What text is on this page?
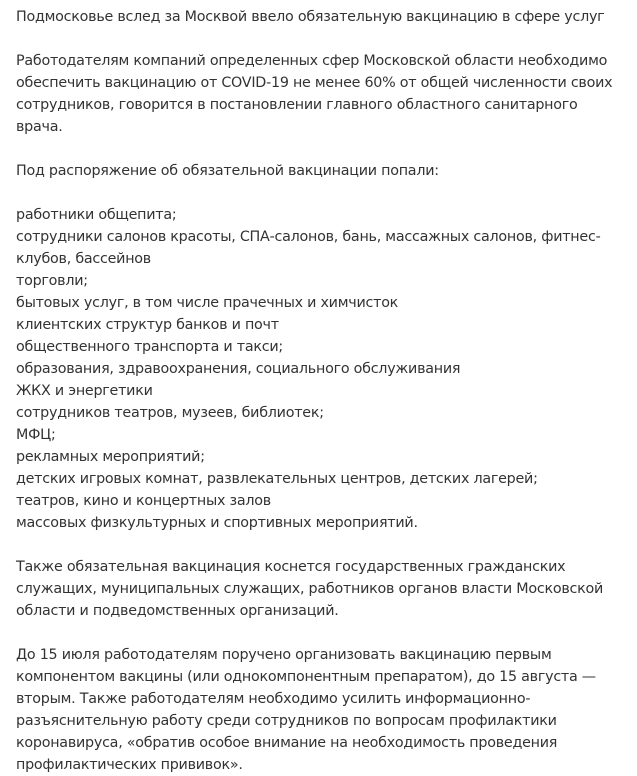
Подмосковье вслед за Москвой ввело обязательную вакцинацию в сфере услуг

Работодателям компаний определенных сфер Московской области необходимо обеспечить вакцинацию от COVID-19 не менее 60% от общей численности своих сотрудников, говорится в постановлении главного областного санитарного врача.

Под распоряжение об обязательной вакцинации попали:

работники общепита;
сотрудники салонов красоты, СПА-салонов, бань, массажных салонов, фитнес-клубов, бассейнов
торговли;
бытовых услуг, в том числе прачечных и химчисток
клиентских структур банков и почт
общественного транспорта и такси;
образования, здравоохранения, социального обслуживания
ЖКХ и энергетики
сотрудников театров, музеев, библиотек;
МФЦ;
рекламных мероприятий;
детских игровых комнат, развлекательных центров, детских лагерей;
театров, кино и концертных залов
массовых физкультурных и спортивных мероприятий.

Также обязательная вакцинация коснется государственных гражданских служащих, муниципальных служащих, работников органов власти Московской области и подведомственных организаций.

До 15 июля работодателям поручено организовать вакцинацию первым компонентом вакцины (или однокомпонентным препаратом), до 15 августа — вторым. Также работодателям необходимо усилить информационно-разъяснительную работу среди сотрудников по вопросам профилактики коронавируса, «обратив особое внимание на необходимость проведения профилактических прививок».
